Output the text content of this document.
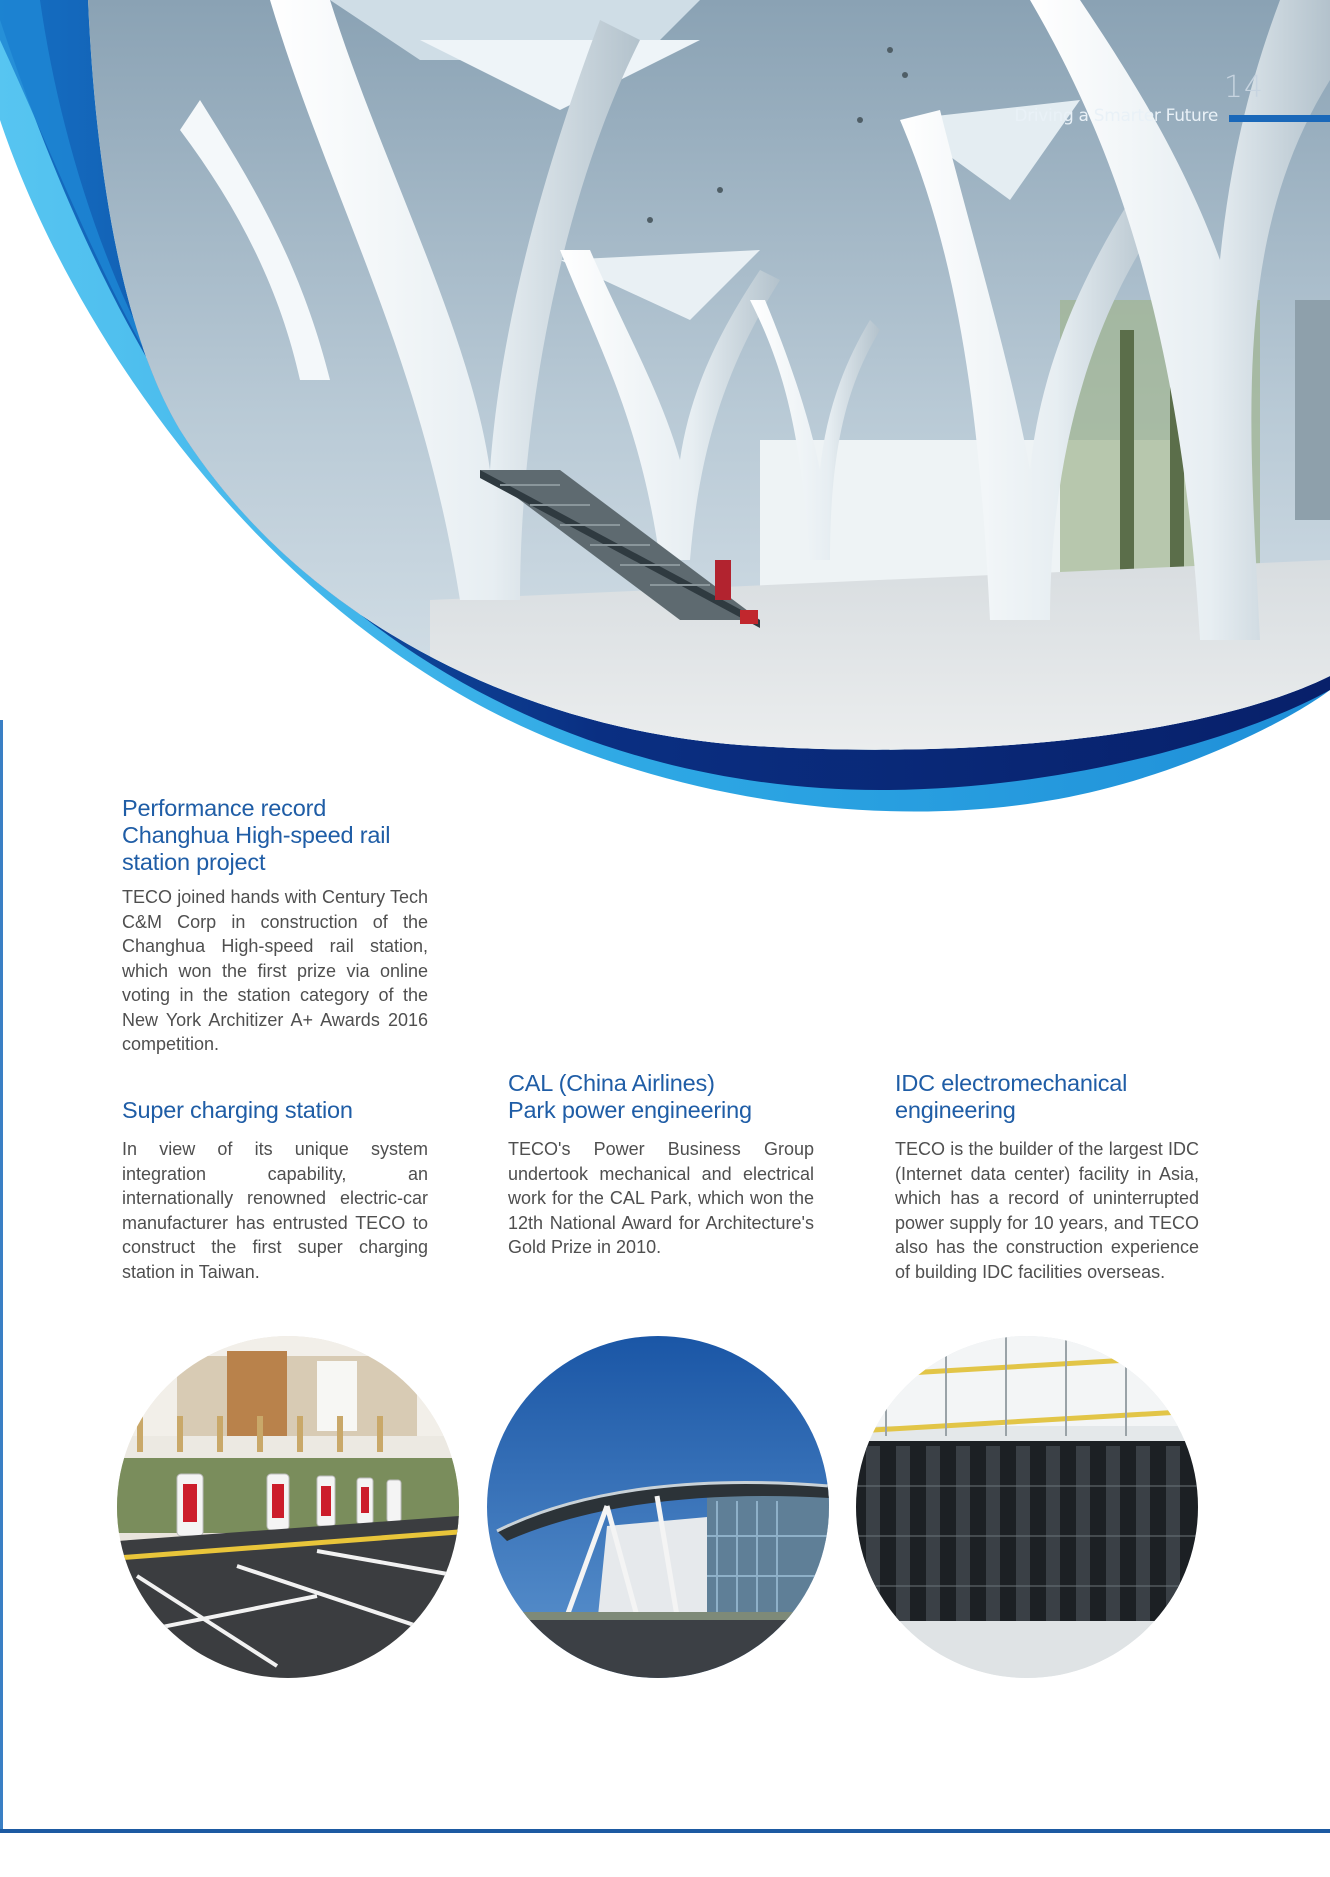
14
Driving a Smarter Future
Performance record
Changhua High-speed rail
station project

TECO joined hands with Century Tech C&M Corp in construction of the Changhua High-speed rail station, which won the first prize via online voting in the station category of the New York Architizer A+ Awards 2016 competition.

Super charging station

In view of its unique system integration capability, an internationally renowned electric-car manufacturer has entrusted TECO to construct the first super charging station in Taiwan.

CAL (China Airlines)
Park power engineering

TECO's Power Business Group undertook mechanical and electrical work for the CAL Park, which won the 12th National Award for Architecture's Gold Prize in 2010.

IDC electromechanical
engineering

TECO is the builder of the largest IDC (Internet data center) facility in Asia, which has a record of uninterrupted power supply for 10 years, and TECO also has the construction experience of building IDC facilities overseas.
